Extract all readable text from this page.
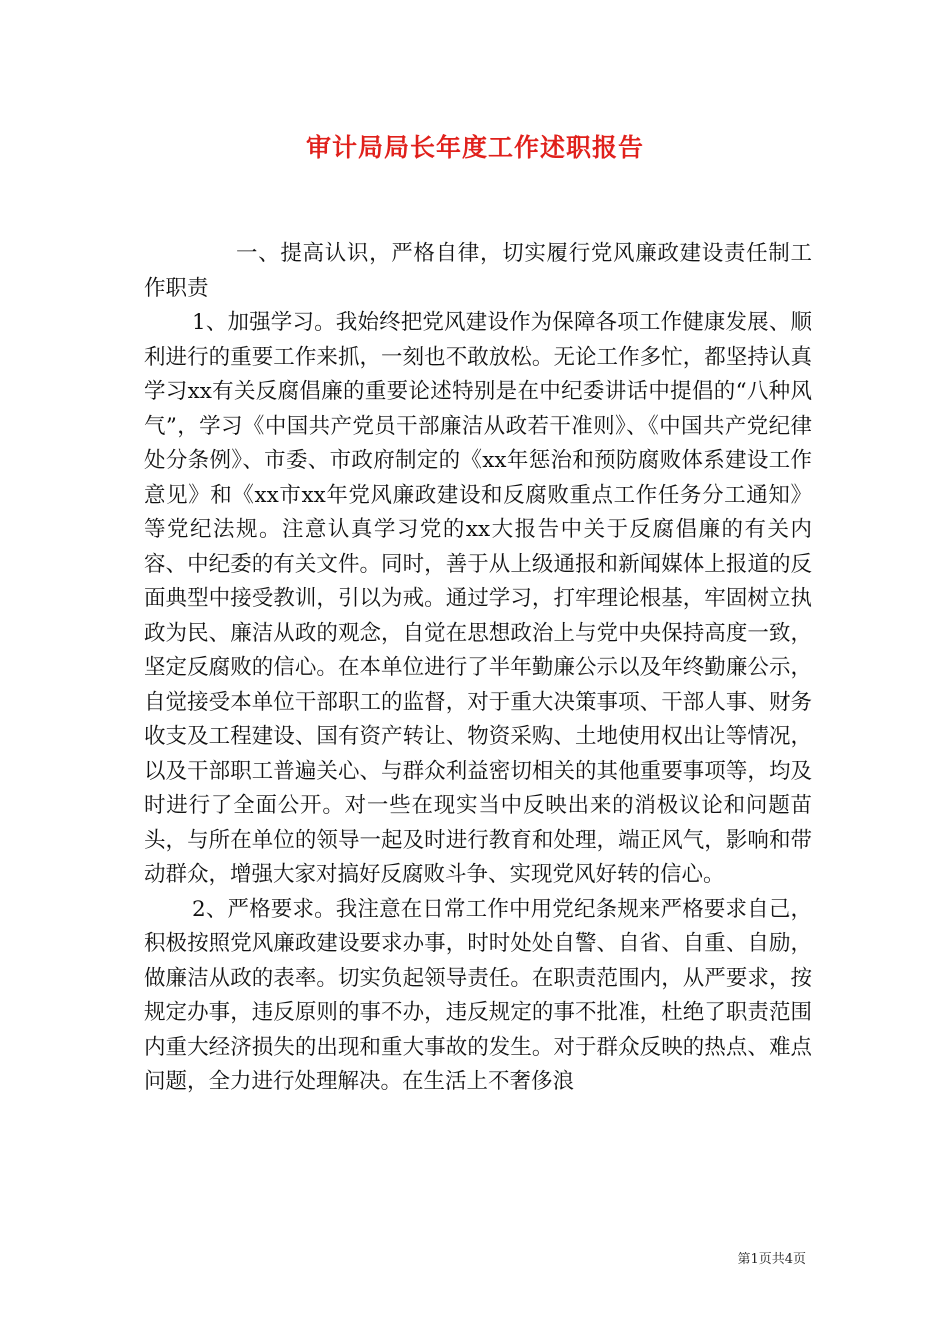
审计局局长年度工作述职报告

一、提高认识，严格自律，切实履行党风廉政建设责任制工作职责

1、加强学习。我始终把党风建设作为保障各项工作健康发展、顺利进行的重要工作来抓，一刻也不敢放松。无论工作多忙，都坚持认真学习xx有关反腐倡廉的重要论述特别是在中纪委讲话中提倡的“八种风气”，学习《中国共产党员干部廉洁从政若干准则》、《中国共产党纪律处分条例》、市委、市政府制定的《xx年惩治和预防腐败体系建设工作意见》和《xx市xx年党风廉政建设和反腐败重点工作任务分工通知》等党纪法规。注意认真学习党的xx大报告中关于反腐倡廉的有关内容、中纪委的有关文件。同时，善于从上级通报和新闻媒体上报道的反面典型中接受教训，引以为戒。通过学习，打牢理论根基，牢固树立执政为民、廉洁从政的观念，自觉在思想政治上与党中央保持高度一致，坚定反腐败的信心。在本单位进行了半年勤廉公示以及年终勤廉公示，自觉接受本单位干部职工的监督，对于重大决策事项、干部人事、财务收支及工程建设、国有资产转让、物资采购、土地使用权出让等情况，以及干部职工普遍关心、与群众利益密切相关的其他重要事项等，均及时进行了全面公开。对一些在现实当中反映出来的消极议论和问题苗头，与所在单位的领导一起及时进行教育和处理，端正风气，影响和带动群众，增强大家对搞好反腐败斗争、实现党风好转的信心。

2、严格要求。我注意在日常工作中用党纪条规来严格要求自己，积极按照党风廉政建设要求办事，时时处处自警、自省、自重、自励，做廉洁从政的表率。切实负起领导责任。在职责范围内，从严要求，按规定办事，违反原则的事不办，违反规定的事不批准，杜绝了职责范围内重大经济损失的出现和重大事故的发生。对于群众反映的热点、难点问题，全力进行处理解决。在生活上不奢侈浪

第1页共4页
